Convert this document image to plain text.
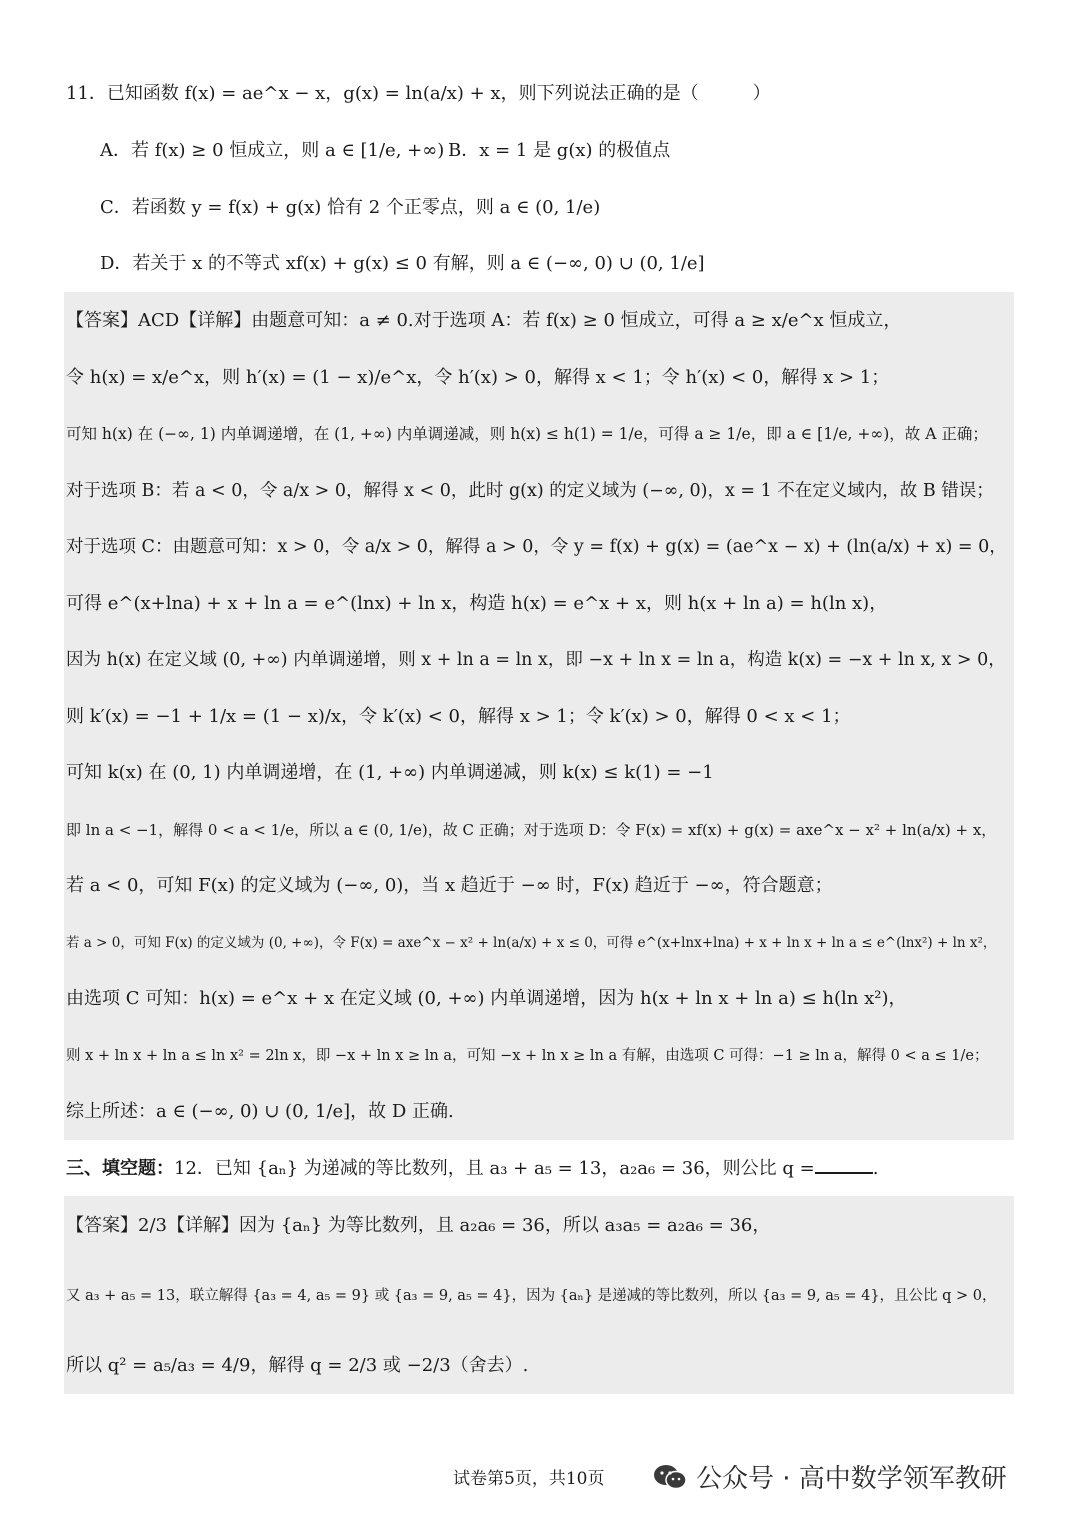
11．已知函数 f(x) = ae^x − x，g(x) = ln(a/x) + x，则下列说法正确的是（　　　）
A．若 f(x) ≥ 0 恒成立，则 a ∈ [1/e, +∞) B．x = 1 是 g(x) 的极值点
C．若函数 y = f(x) + g(x) 恰有 2 个正零点，则 a ∈ (0, 1/e)
D．若关于 x 的不等式 xf(x) + g(x) ≤ 0 有解，则 a ∈ (−∞, 0) ∪ (0, 1/e]
【答案】ACD【详解】由题意可知：a ≠ 0.对于选项 A：若 f(x) ≥ 0 恒成立，可得 a ≥ x/e^x 恒成立，
令 h(x) = x/e^x，则 h′(x) = (1 − x)/e^x，令 h′(x) > 0，解得 x < 1；令 h′(x) < 0，解得 x > 1；
可知 h(x) 在 (−∞, 1) 内单调递增，在 (1, +∞) 内单调递减，则 h(x) ≤ h(1) = 1/e，可得 a ≥ 1/e，即 a ∈ [1/e, +∞)，故 A 正确；
对于选项 B：若 a < 0，令 a/x > 0，解得 x < 0，此时 g(x) 的定义域为 (−∞, 0)，x = 1 不在定义域内，故 B 错误；
对于选项 C：由题意可知：x > 0，令 a/x > 0，解得 a > 0，令 y = f(x) + g(x) = (ae^x − x) + (ln(a/x) + x) = 0，
可得 e^(x+lna) + x + ln a = e^(lnx) + ln x，构造 h(x) = e^x + x，则 h(x + ln a) = h(ln x)，
因为 h(x) 在定义域 (0, +∞) 内单调递增，则 x + ln a = ln x，即 −x + ln x = ln a，构造 k(x) = −x + ln x, x > 0，
则 k′(x) = −1 + 1/x = (1 − x)/x，令 k′(x) < 0，解得 x > 1；令 k′(x) > 0，解得 0 < x < 1；
可知 k(x) 在 (0, 1) 内单调递增，在 (1, +∞) 内单调递减，则 k(x) ≤ k(1) = −1
即 ln a < −1，解得 0 < a < 1/e，所以 a ∈ (0, 1/e)，故 C 正确；对于选项 D：令 F(x) = xf(x) + g(x) = axe^x − x² + ln(a/x) + x，
若 a < 0，可知 F(x) 的定义域为 (−∞, 0)，当 x 趋近于 −∞ 时，F(x) 趋近于 −∞，符合题意；
若 a > 0，可知 F(x) 的定义域为 (0, +∞)，令 F(x) = axe^x − x² + ln(a/x) + x ≤ 0，可得 e^(x+lnx+lna) + x + ln x + ln a ≤ e^(lnx²) + ln x²，
由选项 C 可知：h(x) = e^x + x 在定义域 (0, +∞) 内单调递增，因为 h(x + ln x + ln a) ≤ h(ln x²)，
则 x + ln x + ln a ≤ ln x² = 2ln x，即 −x + ln x ≥ ln a，可知 −x + ln x ≥ ln a 有解，由选项 C 可得：−1 ≥ ln a，解得 0 < a ≤ 1/e；
综上所述：a ∈ (−∞, 0) ∪ (0, 1/e]，故 D 正确.
三、填空题：12．已知 {aₙ} 为递减的等比数列，且 a₃ + a₅ = 13，a₂a₆ = 36，则公比 q =	.
【答案】2/3【详解】因为 {aₙ} 为等比数列，且 a₂a₆ = 36，所以 a₃a₅ = a₂a₆ = 36，
又 a₃ + a₅ = 13，联立解得 {a₃ = 4, a₅ = 9} 或 {a₃ = 9, a₅ = 4}，因为 {aₙ} 是递减的等比数列，所以 {a₃ = 9, a₅ = 4}，且公比 q > 0，
所以 q² = a₅/a₃ = 4/9，解得 q = 2/3 或 −2/3（舍去）.
试卷第5页，共10页	公众号 · 高中数学领军教研
